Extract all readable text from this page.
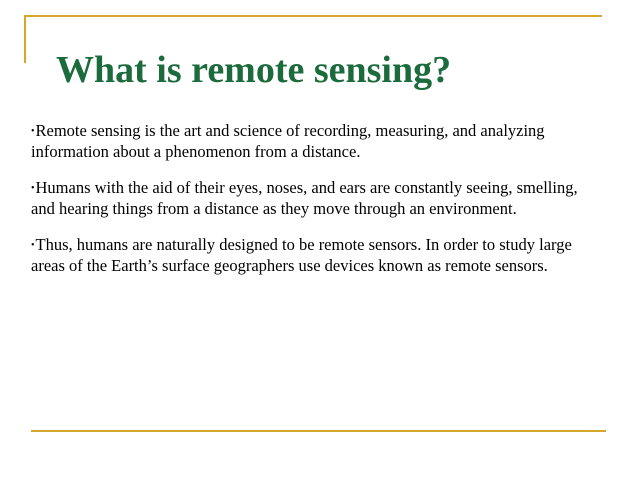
What is remote sensing?
•Remote sensing is the art and science of recording, measuring, and analyzing information about a phenomenon from a distance.
•Humans with the aid of their eyes, noses, and ears are constantly seeing, smelling, and hearing things from a distance as they move through an environment.
•Thus, humans are naturally designed to be remote sensors. In order to study large areas of the Earth’s surface geographers use devices known as remote sensors.
